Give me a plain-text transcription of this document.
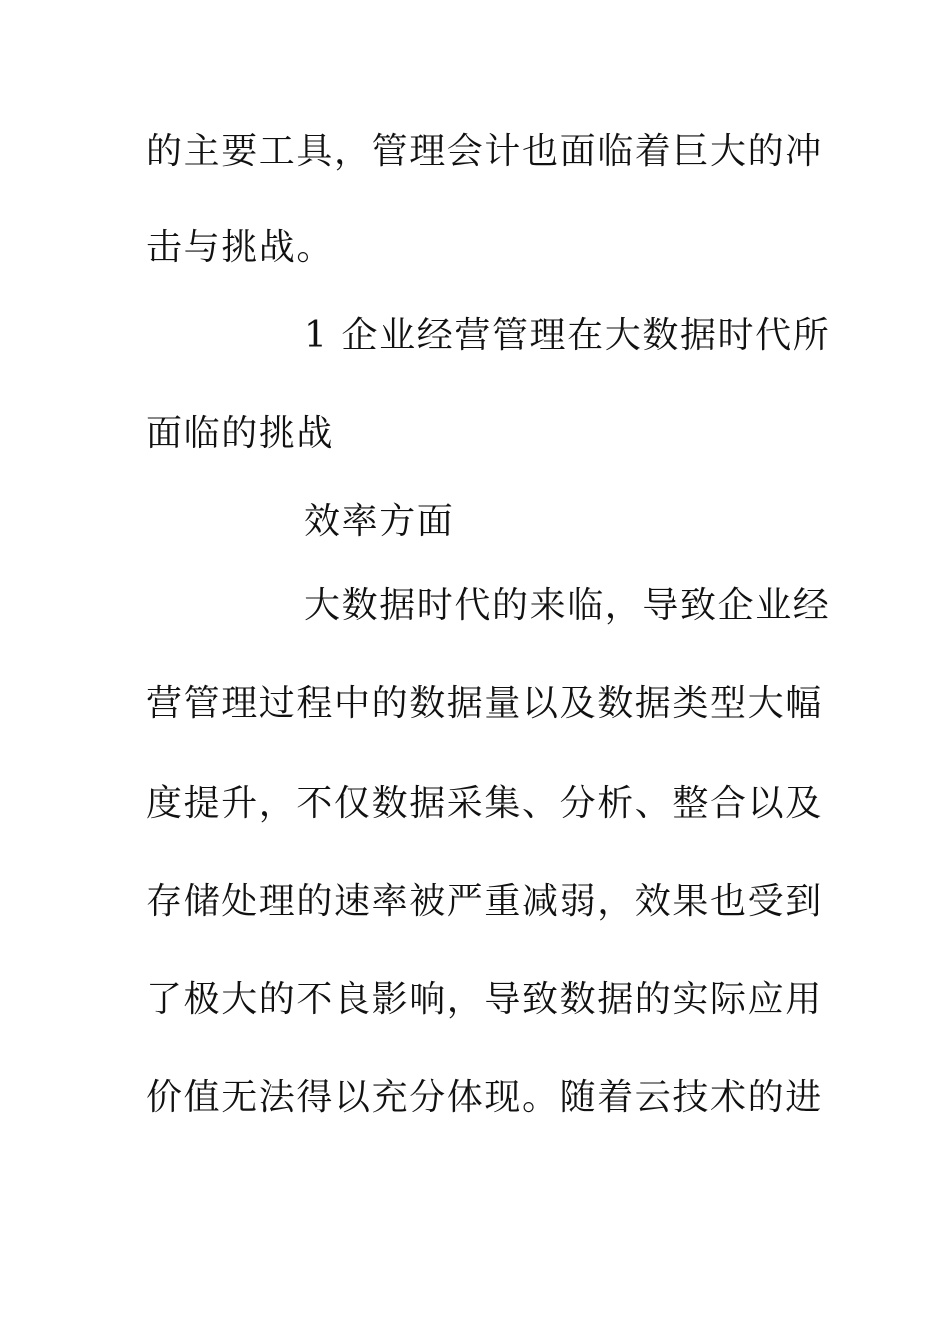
的主要工具，管理会计也面临着巨大的冲
击与挑战。
1 企业经营管理在大数据时代所
面临的挑战
效率方面
大数据时代的来临，导致企业经
营管理过程中的数据量以及数据类型大幅
度提升，不仅数据采集、分析、整合以及
存储处理的速率被严重减弱，效果也受到
了极大的不良影响，导致数据的实际应用
价值无法得以充分体现。随着云技术的进
